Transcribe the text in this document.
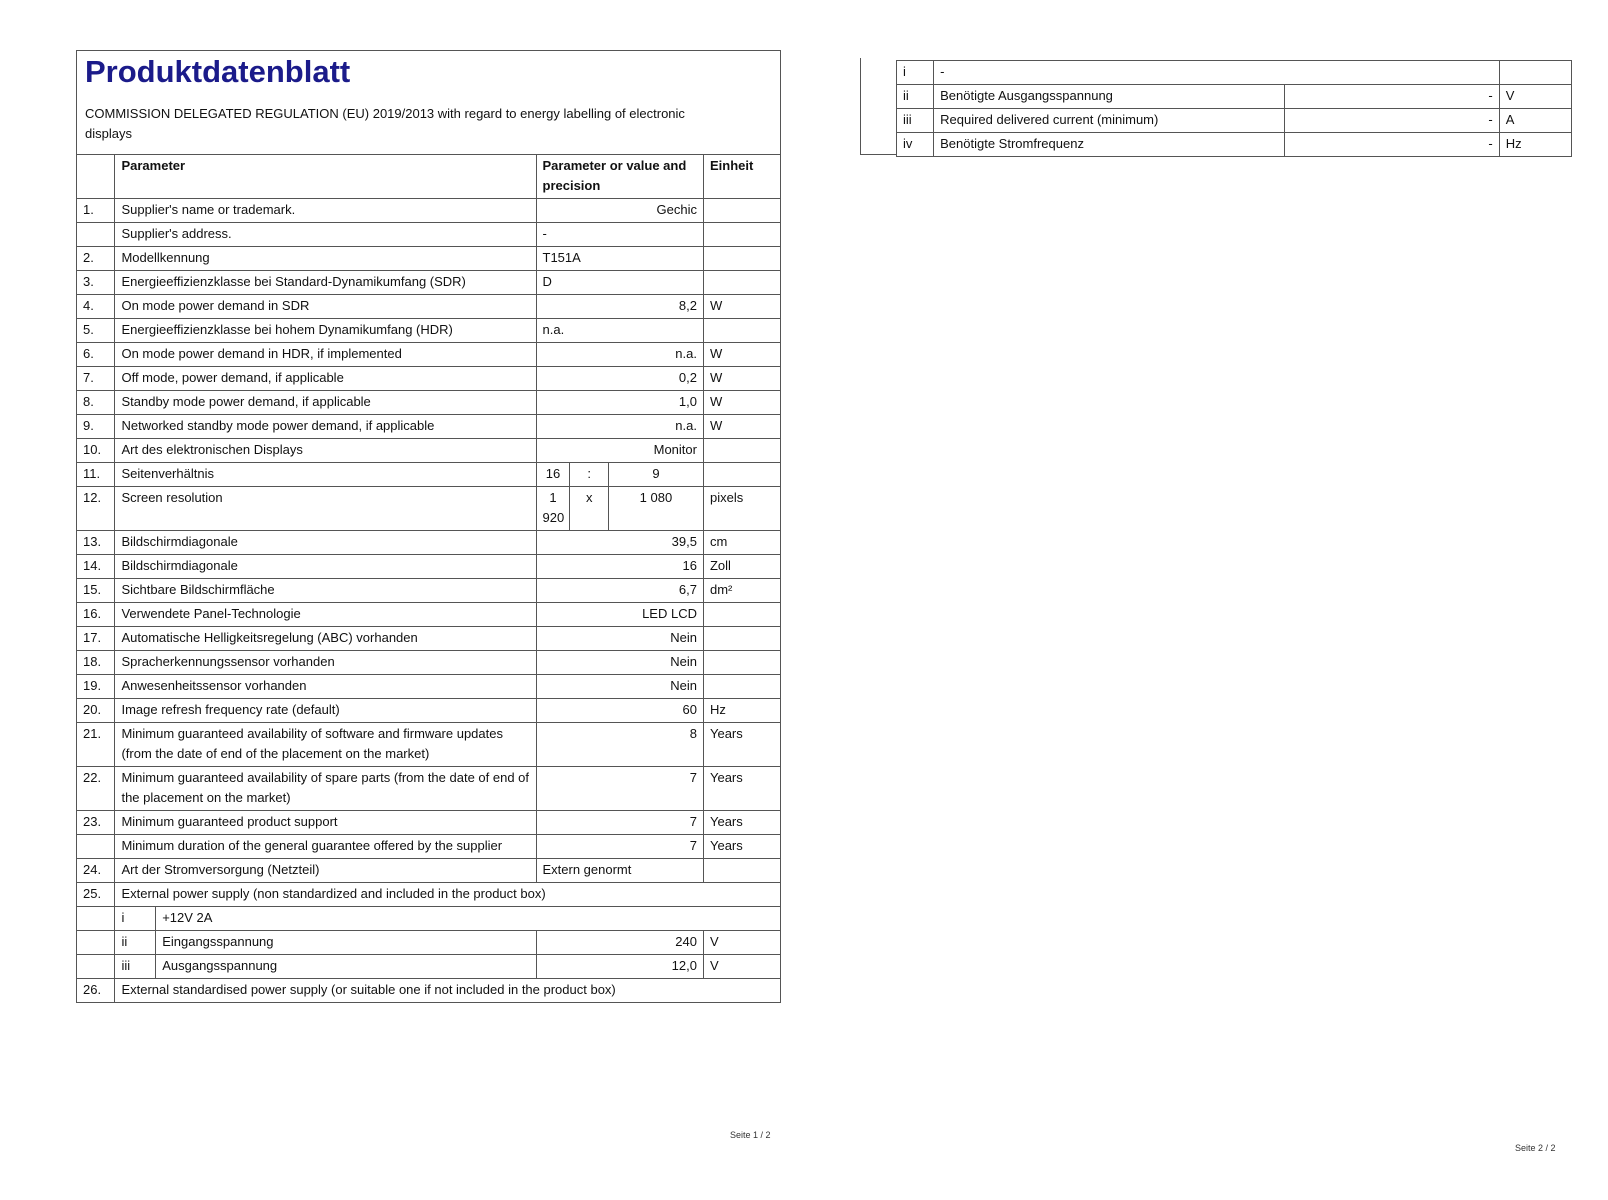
Produktdatenblatt
COMMISSION DELEGATED REGULATION (EU) 2019/2013 with regard to energy labelling of electronic displays
	Parameter		Parameter or value and precision			Einheit
1.	Supplier's name or trademark.		Gechic			
	Supplier's address.		-			
2.	Modellkennung		T151A			
3.	Energieeffizienzklasse bei Standard-Dynamikumfang (SDR)		D			
4.	On mode power demand in SDR		8,2			W
5.	Energieeffizienzklasse bei hohem Dynamikumfang (HDR)		n.a.			
6.	On mode power demand in HDR, if implemented		n.a.			W
7.	Off mode, power demand, if applicable		0,2			W
8.	Standby mode power demand, if applicable		1,0			W
9.	Networked standby mode power demand, if applicable		n.a.			W
10.	Art des elektronischen Displays		Monitor			
11.	Seitenverhältnis		16	:	9	
12.	Screen resolution		1 920	x	1 080	pixels
13.	Bildschirmdiagonale		39,5			cm
14.	Bildschirmdiagonale		16			Zoll
15.	Sichtbare Bildschirmfläche		6,7			dm²
16.	Verwendete Panel-Technologie		LED LCD			
17.	Automatische Helligkeitsregelung (ABC) vorhanden		Nein			
18.	Spracherkennungssensor vorhanden		Nein			
19.	Anwesenheitssensor vorhanden		Nein			
20.	Image refresh frequency rate (default)		60			Hz
21.	Minimum guaranteed availability of software and firmware updates (from the date of end of the placement on the market)		8			Years
22.	Minimum guaranteed availability of spare parts (from the date of end of the placement on the market)		7			Years
23.	Minimum guaranteed product support		7			Years
	Minimum duration of the general guarantee offered by the supplier		7			Years
24.	Art der Stromversorgung (Netzteil)		Extern genormt			
25.	External power supply (non standardized and included in the product box)					
	i	+12V 2A				
	ii	Eingangsspannung	240			V
	iii	Ausgangsspannung	12,0			V
26.	External standardised power supply (or suitable one if not included in the product box)					
Seite 1 / 2
i	-		
ii	Benötigte Ausgangsspannung	-	V
iii	Required delivered current (minimum)	-	A
iv	Benötigte Stromfrequenz	-	Hz
Seite 2 / 2
